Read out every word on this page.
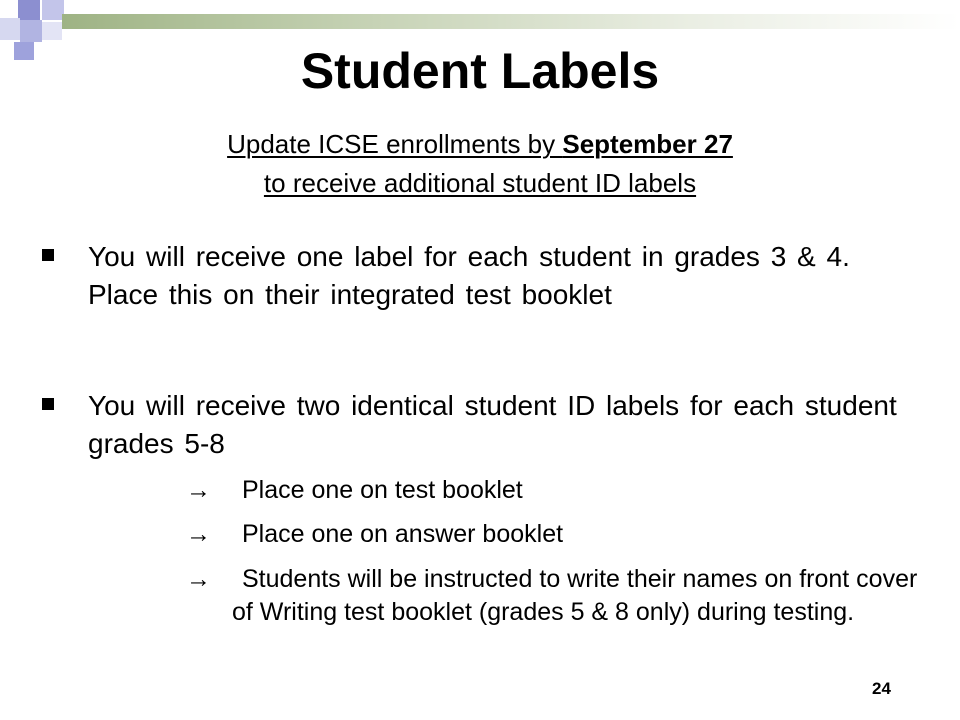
Student Labels
Update ICSE enrollments by September 27
to receive additional student ID labels
You will receive one label for each student in grades 3 & 4. Place this on their integrated test booklet
You will receive two identical student ID labels for each student grades 5-8
→ Place one on test booklet
→ Place one on answer booklet
→	Students will be instructed to write their names on front cover of Writing test booklet (grades 5 & 8 only) during testing.
24
